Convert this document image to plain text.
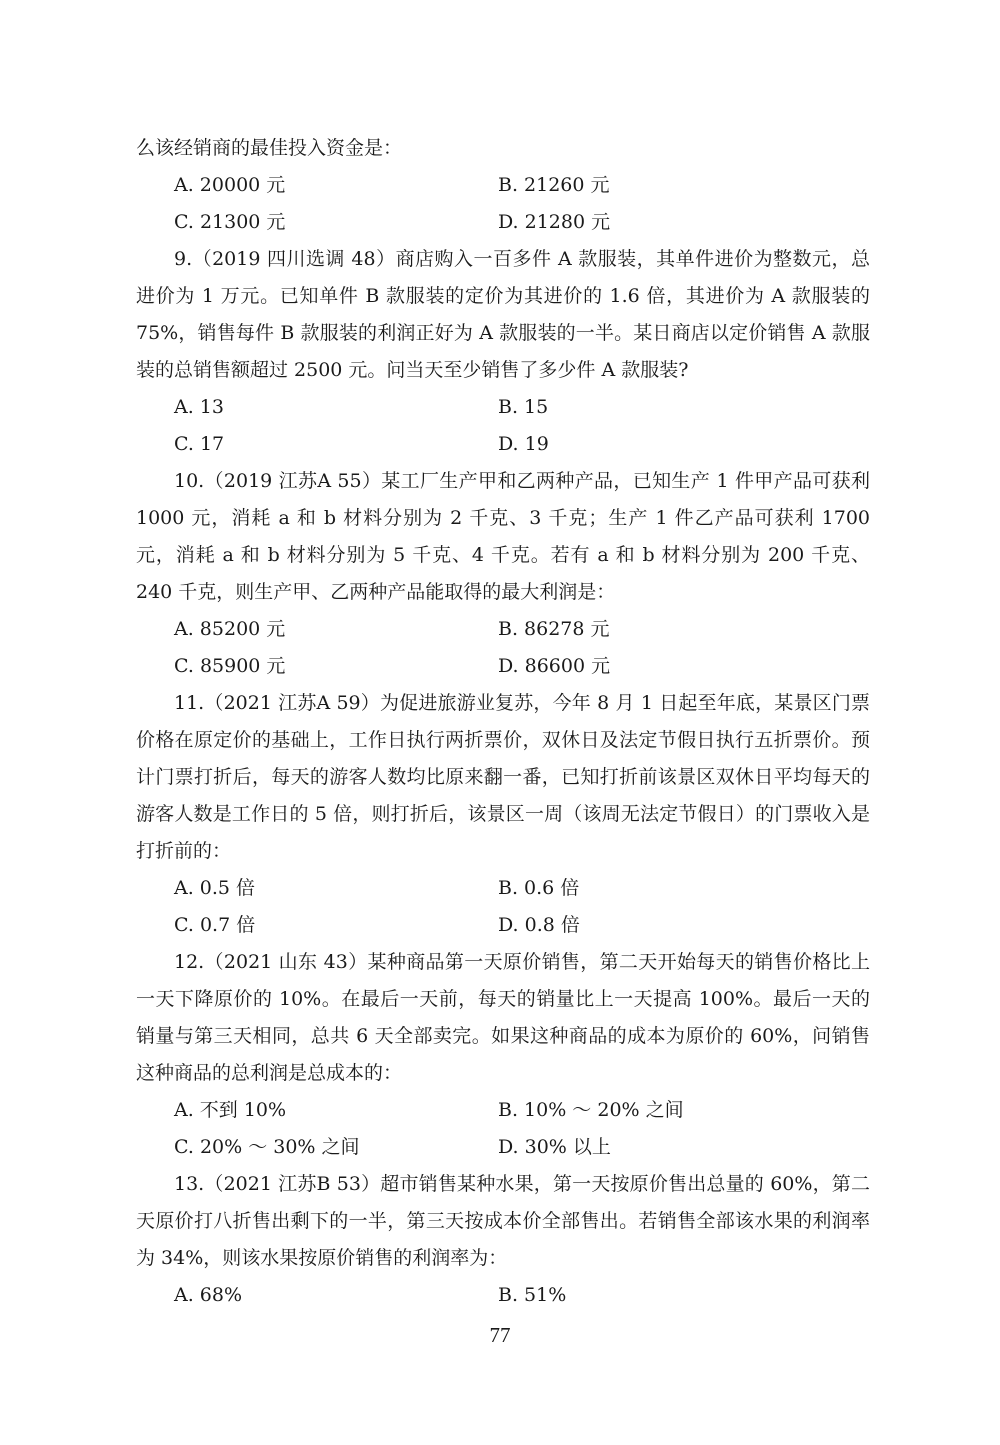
么该经销商的最佳投入资金是：
A. 20000 元	B. 21260 元
C. 21300 元	D. 21280 元
9.（2019 四川选调 48）商店购入一百多件 A 款服装，其单件进价为整数元，总进价为 1 万元。已知单件 B 款服装的定价为其进价的 1.6 倍，其进价为 A 款服装的 75%，销售每件 B 款服装的利润正好为 A 款服装的一半。某日商店以定价销售 A 款服装的总销售额超过 2500 元。问当天至少销售了多少件 A 款服装?
A. 13	B. 15
C. 17	D. 19
10.（2019 江苏A 55）某工厂生产甲和乙两种产品，已知生产 1 件甲产品可获利 1000 元，消耗 a 和 b 材料分别为 2 千克、3 千克；生产 1 件乙产品可获利 1700 元，消耗 a 和 b 材料分别为 5 千克、4 千克。若有 a 和 b 材料分别为 200 千克、240 千克，则生产甲、乙两种产品能取得的最大利润是：
A. 85200 元	B. 86278 元
C. 85900 元	D. 86600 元
11.（2021 江苏A 59）为促进旅游业复苏，今年 8 月 1 日起至年底，某景区门票价格在原定价的基础上，工作日执行两折票价，双休日及法定节假日执行五折票价。预计门票打折后，每天的游客人数均比原来翻一番，已知打折前该景区双休日平均每天的游客人数是工作日的 5 倍，则打折后，该景区一周（该周无法定节假日）的门票收入是打折前的：
A. 0.5 倍	B. 0.6 倍
C. 0.7 倍	D. 0.8 倍
12.（2021 山东 43）某种商品第一天原价销售，第二天开始每天的销售价格比上一天下降原价的 10%。在最后一天前，每天的销量比上一天提高 100%。最后一天的销量与第三天相同，总共 6 天全部卖完。如果这种商品的成本为原价的 60%，问销售这种商品的总利润是总成本的：
A. 不到 10%	B. 10% ～ 20% 之间
C. 20% ～ 30% 之间	D. 30% 以上
13.（2021 江苏B 53）超市销售某种水果，第一天按原价售出总量的 60%，第二天原价打八折售出剩下的一半，第三天按成本价全部售出。若销售全部该水果的利润率为 34%，则该水果按原价销售的利润率为：
A. 68%	B. 51%
77
